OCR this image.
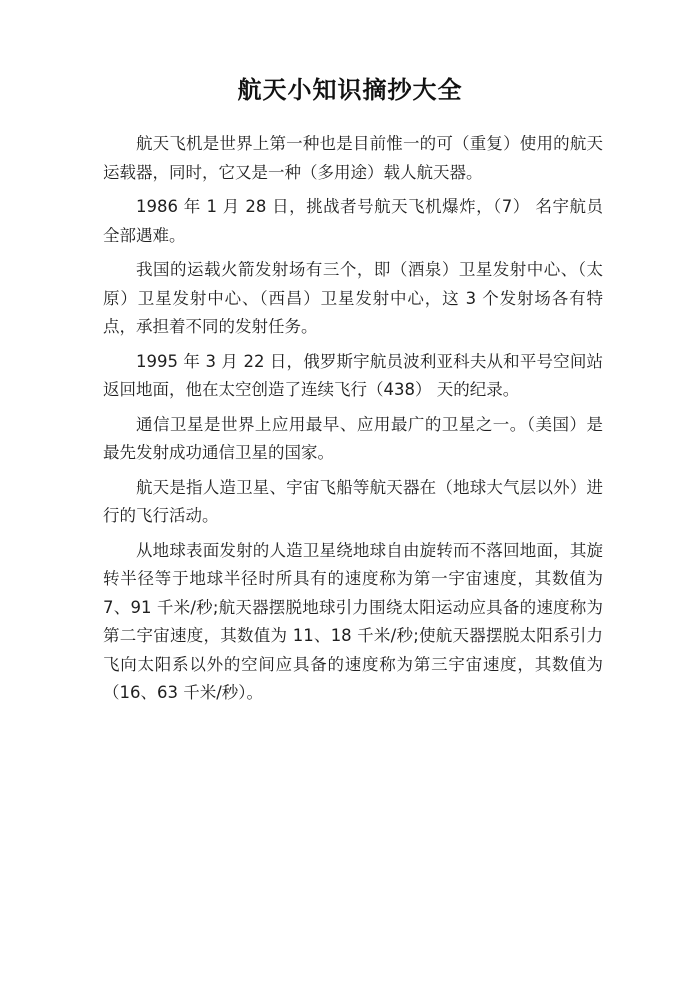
航天小知识摘抄大全

航天飞机是世界上第一种也是目前惟一的可（重复）使用的航天运载器，同时，它又是一种（多用途）载人航天器。

1986 年 1 月 28 日，挑战者号航天飞机爆炸，（7） 名宇航员全部遇难。

我国的运载火箭发射场有三个，即（酒泉）卫星发射中心、（太原）卫星发射中心、（西昌）卫星发射中心，这 3 个发射场各有特点，承担着不同的发射任务。

1995 年 3 月 22 日，俄罗斯宇航员波利亚科夫从和平号空间站返回地面，他在太空创造了连续飞行（438） 天的纪录。

通信卫星是世界上应用最早、应用最广的卫星之一。（美国）是最先发射成功通信卫星的国家。

航天是指人造卫星、宇宙飞船等航天器在（地球大气层以外）进行的飞行活动。

从地球表面发射的人造卫星绕地球自由旋转而不落回地面，其旋转半径等于地球半径时所具有的速度称为第一宇宙速度，其数值为 7、91 千米/秒;航天器摆脱地球引力围绕太阳运动应具备的速度称为第二宇宙速度，其数值为 11、18 千米/秒;使航天器摆脱太阳系引力飞向太阳系以外的空间应具备的速度称为第三宇宙速度，其数值为（16、63 千米/秒）。
